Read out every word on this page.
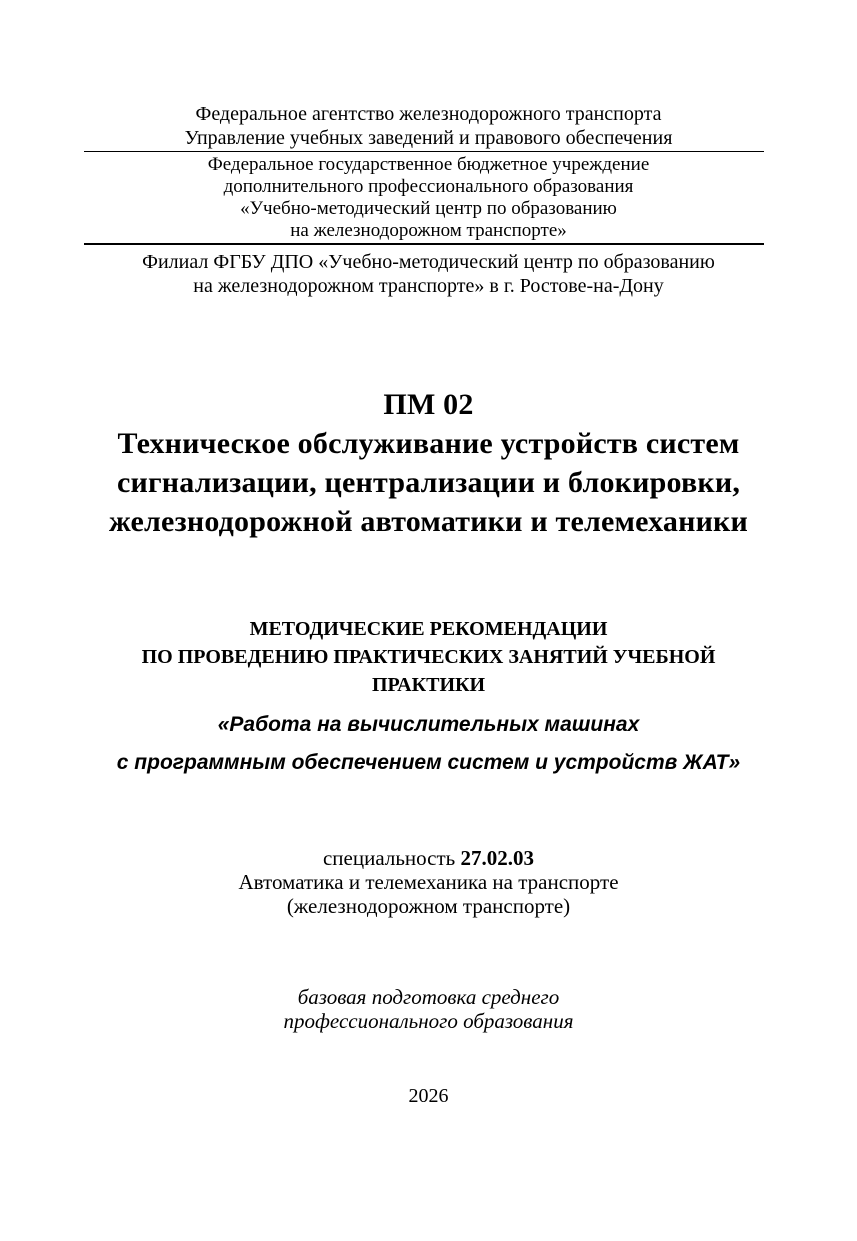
Федеральное агентство железнодорожного транспорта
Управление учебных заведений и правового обеспечения
Федеральное государственное бюджетное учреждение
дополнительного профессионального образования
«Учебно-методический центр по образованию
на железнодорожном транспорте»
Филиал ФГБУ ДПО «Учебно-методический центр по образованию
на железнодорожном транспорте» в г. Ростове-на-Дону
ПМ 02
Техническое обслуживание устройств систем
сигнализации, централизации и блокировки,
железнодорожной автоматики и телемеханики
МЕТОДИЧЕСКИЕ РЕКОМЕНДАЦИИ
ПО ПРОВЕДЕНИЮ ПРАКТИЧЕСКИХ ЗАНЯТИЙ УЧЕБНОЙ
ПРАКТИКИ
«Работа на вычислительных машинах
с программным обеспечением систем и устройств ЖАТ»
специальность 27.02.03
Автоматика и телемеханика на транспорте
(железнодорожном транспорте)
базовая подготовка среднего
профессионального образования
2026
